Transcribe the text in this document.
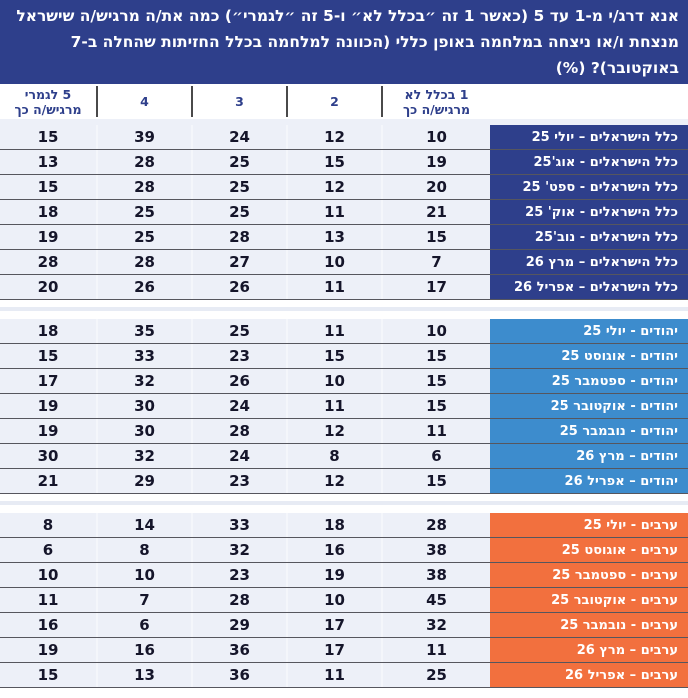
אנא דרג/י מ-1 עד 5 (כאשר 1 זה ״בכלל לא״ ו-5 זה ״לגמרי״) כמה את/ה מרגיש/ה שישראל
מנצחת ו/או ניצחה במלחמה באופן כללי (הכוונה למלחמה בכלל החזיתות שהחלה ב-7
באוקטובר)? (%)
1 בכלל לא
מרגיש/ה כך
2
3
4
5 לגמרי
מרגיש/ה כך
כלל הישראלים – יולי 25
10
12
24
39
15
כלל הישראלים - אוג'25
19
15
25
28
13
כלל הישראלים - ספט' 25
20
12
25
28
15
כלל הישראלים - אוק' 25
21
11
25
25
18
כלל הישראלים - נוב'25
15
13
28
25
19
כלל הישראלים – מרץ 26
7
10
27
28
28
כלל הישראלים – אפריל 26
17
11
26
26
20
יהודים - יולי 25
10
11
25
35
18
יהודים - אוגוסט 25
15
15
23
33
15
יהודים - ספטמבר 25
15
10
26
32
17
יהודים - אוקטובר 25
15
11
24
30
19
יהודים - נובמבר 25
11
12
28
30
19
יהודים – מרץ 26
6
8
24
32
30
יהודים – אפריל 26
15
12
23
29
21
ערבים - יולי 25
28
18
33
14
8
ערבים - אוגוסט 25
38
16
32
8
6
ערבים - ספטמבר 25
38
19
23
10
10
ערבים - אוקטובר 25
45
10
28
7
11
ערבים - נובמבר 25
32
17
29
6
16
ערבים – מרץ 26
11
17
36
16
19
ערבים – אפריל 26
25
11
36
13
15
